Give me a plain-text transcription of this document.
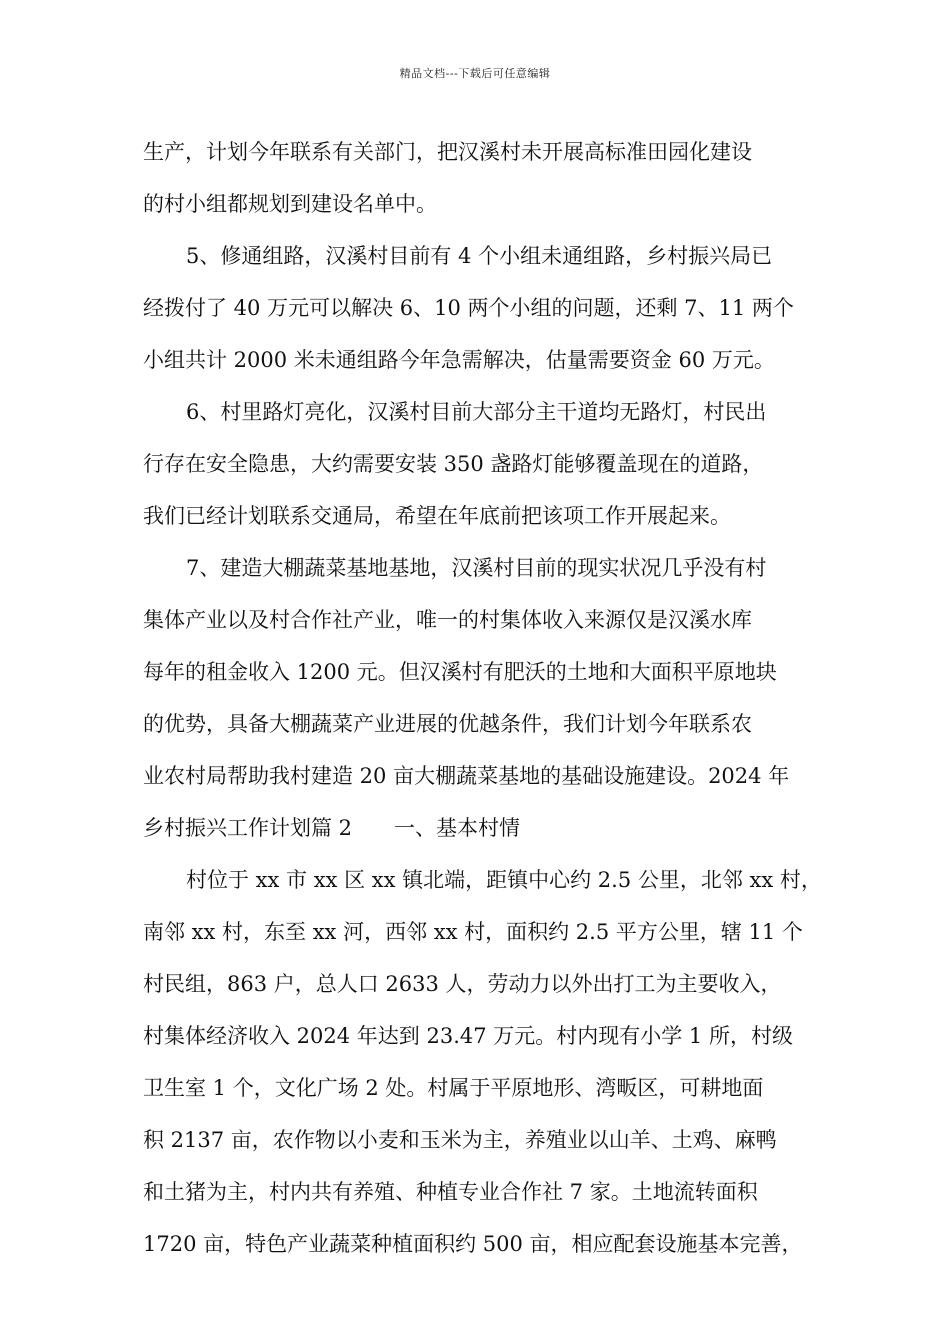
精品文档---下载后可任意编辑
生产，计划今年联系有关部门，把汉溪村未开展高标准田园化建设
的村小组都规划到建设名单中。
5、修通组路，汉溪村目前有 4 个小组未通组路，乡村振兴局已
经拨付了 40 万元可以解决 6、10 两个小组的问题，还剩 7、11 两个
小组共计 2000 米未通组路今年急需解决，估量需要资金 60 万元。
6、村里路灯亮化，汉溪村目前大部分主干道均无路灯，村民出
行存在安全隐患，大约需要安装 350 盏路灯能够覆盖现在的道路，
我们已经计划联系交通局，希望在年底前把该项工作开展起来。
7、建造大棚蔬菜基地基地，汉溪村目前的现实状况几乎没有村
集体产业以及村合作社产业，唯一的村集体收入来源仅是汉溪水库
每年的租金收入 1200 元。但汉溪村有肥沃的土地和大面积平原地块
的优势，具备大棚蔬菜产业进展的优越条件，我们计划今年联系农
业农村局帮助我村建造 20 亩大棚蔬菜基地的基础设施建设。2024 年
乡村振兴工作计划篇 2　　一、基本村情
村位于 xx 市 xx 区 xx 镇北端，距镇中心约 2.5 公里，北邻 xx 村，
南邻 xx 村，东至 xx 河，西邻 xx 村，面积约 2.5 平方公里，辖 11 个
村民组，863 户，总人口 2633 人，劳动力以外出打工为主要收入，
村集体经济收入 2024 年达到 23.47 万元。村内现有小学 1 所，村级
卫生室 1 个，文化广场 2 处。村属于平原地形、湾畈区，可耕地面
积 2137 亩，农作物以小麦和玉米为主，养殖业以山羊、土鸡、麻鸭
和土猪为主，村内共有养殖、种植专业合作社 7 家。土地流转面积
1720 亩，特色产业蔬菜种植面积约 500 亩，相应配套设施基本完善，
